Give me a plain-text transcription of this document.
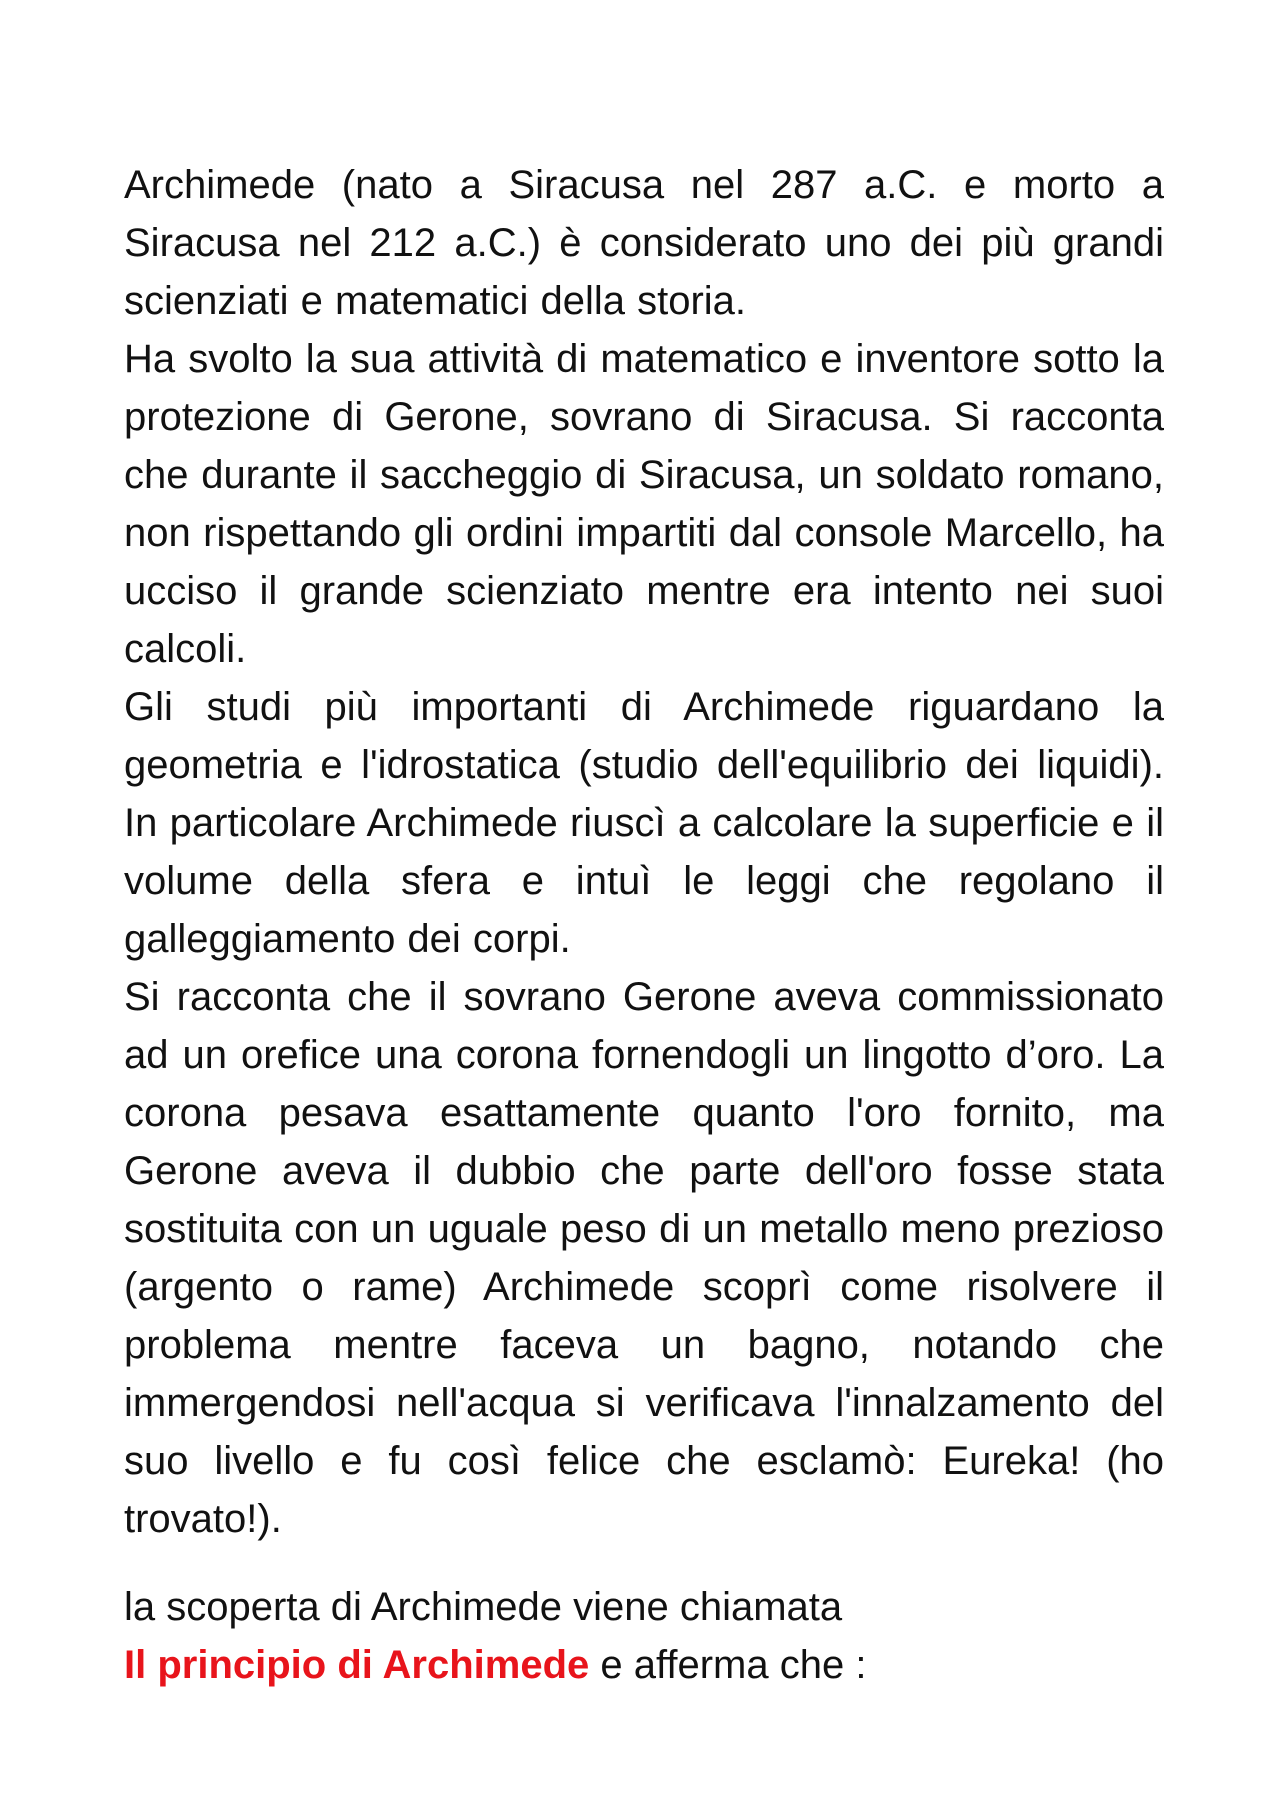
Archimede (nato a Siracusa nel 287 a.C. e morto a Siracusa nel 212 a.C.) è considerato uno dei più grandi scienziati e matematici della storia.

Ha svolto la sua attività di matematico e inventore sotto la protezione di Gerone, sovrano di Siracusa. Si racconta che durante il saccheggio di Siracusa, un soldato romano, non rispettando gli ordini impartiti dal console Marcello, ha ucciso il grande scienziato mentre era intento nei suoi calcoli.

Gli studi più importanti di Archimede riguardano la geometria e l'idrostatica (studio dell'equilibrio dei liquidi). In particolare Archimede riuscì a calcolare la superficie e il volume della sfera e intuì le leggi che regolano il galleggiamento dei corpi.

Si racconta che il sovrano Gerone aveva commissionato ad un orefice una corona fornendogli un lingotto d’oro. La corona pesava esattamente quanto l'oro fornito, ma Gerone aveva il dubbio che parte dell'oro fosse stata sostituita con un uguale peso di un metallo meno prezioso (argento o rame) Archimede scoprì come risolvere il problema mentre faceva un bagno, notando che immergendosi nell'acqua si verificava l'innalzamento del suo livello e fu così felice che esclamò: Eureka! (ho trovato!).

la scoperta di Archimede viene chiamata

Il principio di Archimede e afferma che :
